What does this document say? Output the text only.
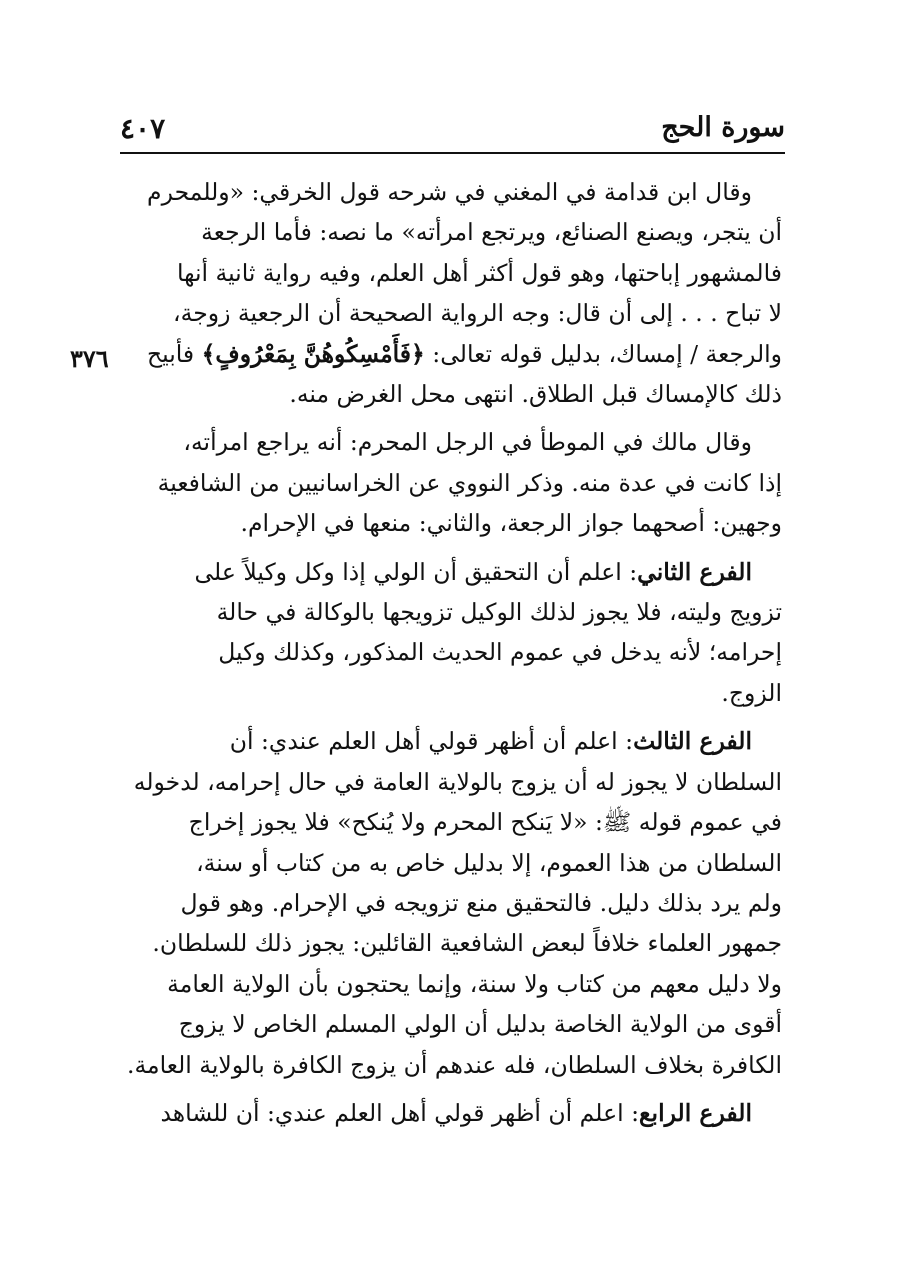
سورة الحج
٤٠٧
٣٧٦
وقال ابن قدامة في المغني في شرحه قول الخرقي: «وللمحرم
أن يتجر، ويصنع الصنائع، ويرتجع امرأته» ما نصه: فأما الرجعة
فالمشهور إباحتها، وهو قول أكثر أهل العلم، وفيه رواية ثانية أنها
لا تباح . . . إلى أن قال: وجه الرواية الصحيحة أن الرجعية زوجة،
والرجعة / إمساك، بدليل قوله تعالى: ﴿فَأَمْسِكُوهُنَّ بِمَعْرُوفٍ﴾ فأبيح
ذلك كالإمساك قبل الطلاق. انتهى محل الغرض منه.
وقال مالك في الموطأ في الرجل المحرم: أنه يراجع امرأته،
إذا كانت في عدة منه. وذكر النووي عن الخراسانيين من الشافعية
وجهين: أصحهما جواز الرجعة، والثاني: منعها في الإحرام.
الفرع الثاني: اعلم أن التحقيق أن الولي إذا وكل وكيلاً على
تزويج وليته، فلا يجوز لذلك الوكيل تزويجها بالوكالة في حالة
إحرامه؛ لأنه يدخل في عموم الحديث المذكور، وكذلك وكيل
الزوج.
الفرع الثالث: اعلم أن أظهر قولي أهل العلم عندي: أن
السلطان لا يجوز له أن يزوج بالولاية العامة في حال إحرامه، لدخوله
في عموم قوله ﷺ: «لا يَنكح المحرم ولا يُنكح» فلا يجوز إخراج
السلطان من هذا العموم، إلا بدليل خاص به من كتاب أو سنة،
ولم يرد بذلك دليل. فالتحقيق منع تزويجه في الإحرام. وهو قول
جمهور العلماء خلافاً لبعض الشافعية القائلين: يجوز ذلك للسلطان.
ولا دليل معهم من كتاب ولا سنة، وإنما يحتجون بأن الولاية العامة
أقوى من الولاية الخاصة بدليل أن الولي المسلم الخاص لا يزوج
الكافرة بخلاف السلطان، فله عندهم أن يزوج الكافرة بالولاية العامة.
الفرع الرابع: اعلم أن أظهر قولي أهل العلم عندي: أن للشاهد
